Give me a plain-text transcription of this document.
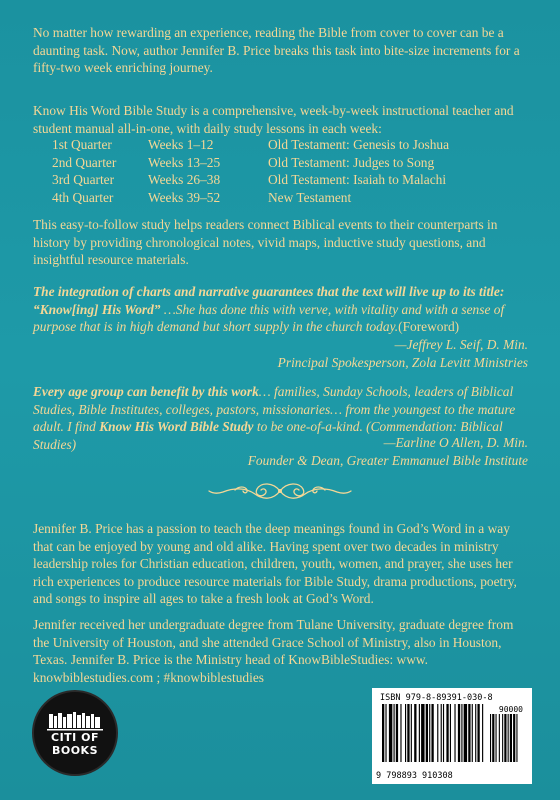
No matter how rewarding an experience, reading the Bible from cover to cover can be a daunting task. Now, author Jennifer B. Price breaks this task into bite-size increments for a fifty-two week enriching journey.

Know His Word Bible Study is a comprehensive, week-by-week instructional teacher and student manual all-in-one, with daily study lessons in each week:

1st Quarter	Weeks 1–12	Old Testament: Genesis to Joshua
2nd Quarter Weeks 13–25	Old Testament: Judges to Song
3rd Quarter	Weeks 26–38	Old Testament: Isaiah to Malachi
4th Quarter	Weeks 39–52	New Testament

This easy-to-follow study helps readers connect Biblical events to their counterparts in history by providing chronological notes, vivid maps, inductive study questions, and insightful resource materials.

The integration of charts and narrative guarantees that the text will live up to its title: “Know[ing] His Word” …She has done this with verve, with vitality and with a sense of purpose that is in high demand but short supply in the church today.(Foreword)

—Jeffrey L. Seif, D. Min.
Principal Spokesperson, Zola Levitt Ministries

Every age group can benefit by this work… families, Sunday Schools, leaders of Biblical Studies, Bible Institutes, colleges, pastors, missionaries… from the youngest to the mature adult. I find Know His Word Bible Study to be one-of-a-kind. (Commendation: Biblical Studies)	—Earline O Allen, D. Min.
Founder & Dean, Greater Emmanuel Bible Institute

Jennifer B. Price has a passion to teach the deep meanings found in God’s Word in a way that can be enjoyed by young and old alike. Having spent over two decades in ministry leadership roles for Christian education, children, youth, women, and prayer, she uses her rich experiences to produce resource materials for Bible Study, drama productions, poetry, and songs to inspire all ages to take a fresh look at God’s Word.

Jennifer received her undergraduate degree from Tulane University, graduate degree from the University of Houston, and she attended Grace School of Ministry, also in Houston, Texas. Jennifer B. Price is the Ministry head of KnowBibleStudies: www. knowbiblestudies.com ; #knowbiblestudies

CITI OF
BOOKS
ISBN 979-8-89391-030-8
90000
9 798893 910308
